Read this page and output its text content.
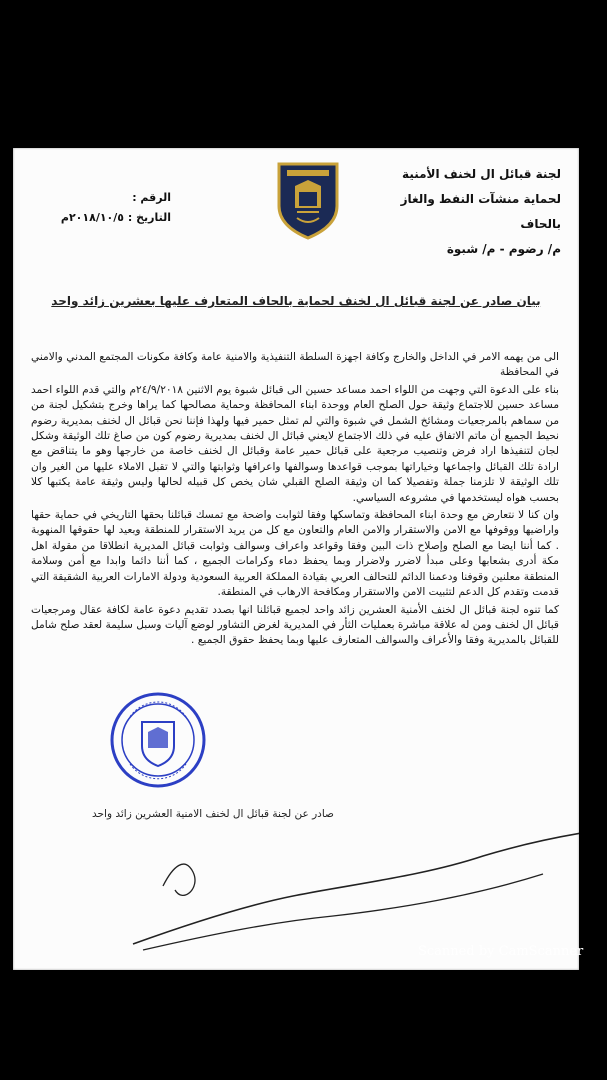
لجنة قبائل ال لخنف الأمنية
لحماية منشآت النفط والغاز بالحاف
م/ رضوم - م/ شبوة
الرقم :
التاريخ : ٢٠١٨/١٠/٥م
بيان صادر عن لجنة قبائل ال لخنف لحماية بالحاف المتعارف عليها بعشرين زائد واحد

الى من يهمه الامر في الداخل والخارج وكافة اجهزة السلطة التنفيذية والامنية عامة وكافة مكونات المجتمع المدني والامني في المحافظة

بناء على الدعوة التي وجهت من اللواء احمد مساعد حسين الى قبائل شبوة يوم الاثنين ٢٤/٩/٢٠١٨م والتي قدم اللواء احمد مساعد حسين للاجتماع وثيقة حول الصلح العام ووحدة ابناء المحافظة وحماية مصالحها كما يراها وخرج بتشكيل لجنة من من سماهم بالمرجعيات ومشائخ الشمل في شبوة والتي لم تمثل حمير فيها ولهذا فإننا نحن قبائل ال لخنف بمديرية رضوم نحيط الجميع أن ماتم الاتفاق عليه في ذلك الاجتماع لايعني قبائل ال لخنف بمديرية رضوم كون من صاغ تلك الوثيقة وشكل لجان لتنفيذها اراد فرض وتنصيب مرجعية على قبائل حمير عامة وقبائل ال لخنف خاصة من خارجها وهو ما يتناقض مع ارادة تلك القبائل واجماعها وخياراتها بموجب قواعدها وسوالفها واعرافها وثوابتها والتي لا تقبل الاملاء عليها من الغير وان تلك الوثيقة لا تلزمنا جملة وتفصيلا كما ان وثيقة الصلح القبلي شان يخص كل قبيله لحالها وليس وثيقة عامة يكتبها كلا بحسب هواه ليستخدمها في مشروعه السياسي.

وان كنا لا نتعارض مع وحدة ابناء المحافظة وتماسكها وفقا لثوابت واضحة مع تمسك قبائلنا بحقها التاريخي في حماية حقها واراضيها ووقوفها مع الامن والاستقرار والامن العام والتعاون مع كل من يريد الاستقرار للمنطقة وبعيد لها حقوقها المنهوبة . كما أننا ايضا مع الصلح وإصلاح ذات البين وفقا وقواعد واعراف وسوالف وثوابت قبائل المديرية انطلاقا من مقولة اهل مكة أدرى بشعابها وعلى مبدأ لاضرر ولاضرار وبما يحفظ دماء وكرامات الجميع ، كما أننا دائما وابدا مع أمن وسلامة المنطقة معلنين وقوفنا ودعمنا الدائم للتحالف العربي بقيادة المملكة العربية السعودية ودولة الامارات العربية الشقيقة التي قدمت وتقدم كل الدعم لتثبيت الامن والاستقرار ومكافحة الارهاب في المنطقة.

كما تنوه لجنة قبائل ال لخنف الأمنية العشرين زائد واحد لجميع قبائلنا انها بصدد تقديم دعوة عامة لكافة عقال ومرجعيات قبائل ال لخنف ومن له علاقة مباشرة بعمليات الثأر في المديرية لغرض التشاور لوضع آليات وسبل سليمة لعقد صلح شامل للقبائل بالمديرية وفقا والأعراف والسوالف المتعارف عليها وبما يحفظ حقوق الجميع .

صادر عن لجنة قبائل ال لخنف الامنية العشرين زائد واحد
Scanned by CamScanner
